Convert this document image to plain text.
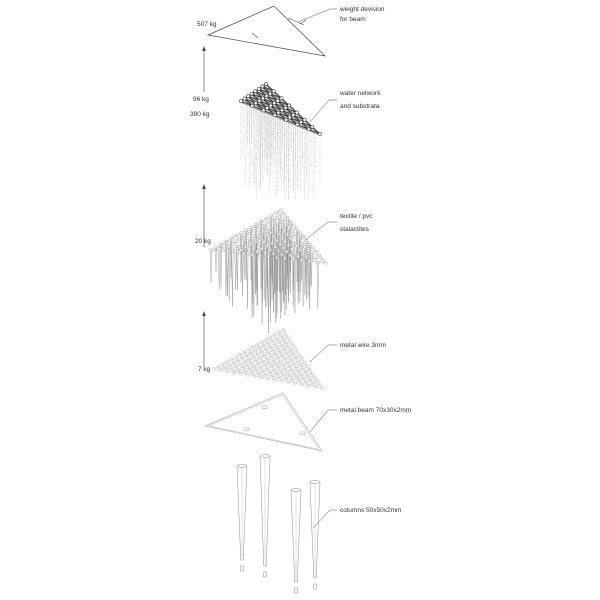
507 kg
weight devision
for beam
96 kg
390 kg
water network
and substrata
20 kg
textile / pvc
stalactites
7 kg
metal wire 3mm
metal beam 70x30x2mm
columns 50x50x2mm
